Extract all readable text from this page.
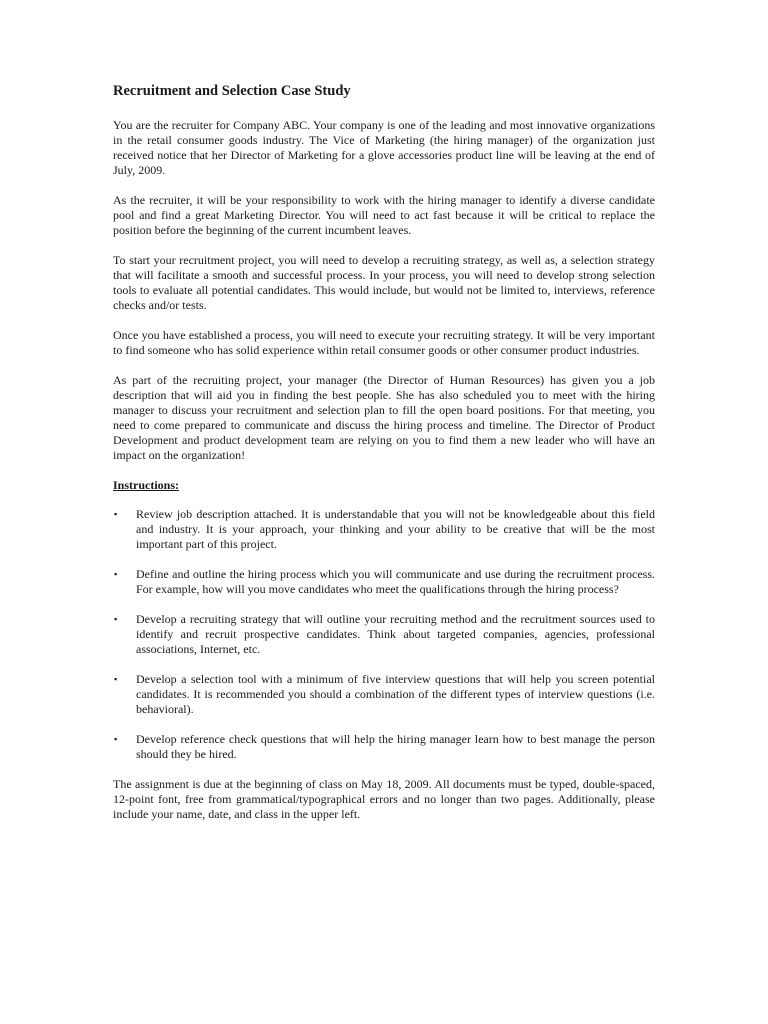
Recruitment and Selection Case Study

You are the recruiter for Company ABC. Your company is one of the leading and most innovative organizations in the retail consumer goods industry. The Vice of Marketing (the hiring manager) of the organization just received notice that her Director of Marketing for a glove accessories product line will be leaving at the end of July, 2009.

As the recruiter, it will be your responsibility to work with the hiring manager to identify a diverse candidate pool and find a great Marketing Director. You will need to act fast because it will be critical to replace the position before the beginning of the current incumbent leaves.

To start your recruitment project, you will need to develop a recruiting strategy, as well as, a selection strategy that will facilitate a smooth and successful process. In your process, you will need to develop strong selection tools to evaluate all potential candidates. This would include, but would not be limited to, interviews, reference checks and/or tests.

Once you have established a process, you will need to execute your recruiting strategy. It will be very important to find someone who has solid experience within retail consumer goods or other consumer product industries.

As part of the recruiting project, your manager (the Director of Human Resources) has given you a job description that will aid you in finding the best people. She has also scheduled you to meet with the hiring manager to discuss your recruitment and selection plan to fill the open board positions. For that meeting, you need to come prepared to communicate and discuss the hiring process and timeline. The Director of Product Development and product development team are relying on you to find them a new leader who will have an impact on the organization!

Instructions:
▪ Review job description attached. It is understandable that you will not be knowledgeable about this field and industry. It is your approach, your thinking and your ability to be creative that will be the most important part of this project.
▪ Define and outline the hiring process which you will communicate and use during the recruitment process. For example, how will you move candidates who meet the qualifications through the hiring process?
▪ Develop a recruiting strategy that will outline your recruiting method and the recruitment sources used to identify and recruit prospective candidates. Think about targeted companies, agencies, professional associations, Internet, etc.
▪ Develop a selection tool with a minimum of five interview questions that will help you screen potential candidates. It is recommended you should a combination of the different types of interview questions (i.e. behavioral).
▪ Develop reference check questions that will help the hiring manager learn how to best manage the person should they be hired.

The assignment is due at the beginning of class on May 18, 2009. All documents must be typed, double-spaced, 12-point font, free from grammatical/typographical errors and no longer than two pages. Additionally, please include your name, date, and class in the upper left.
